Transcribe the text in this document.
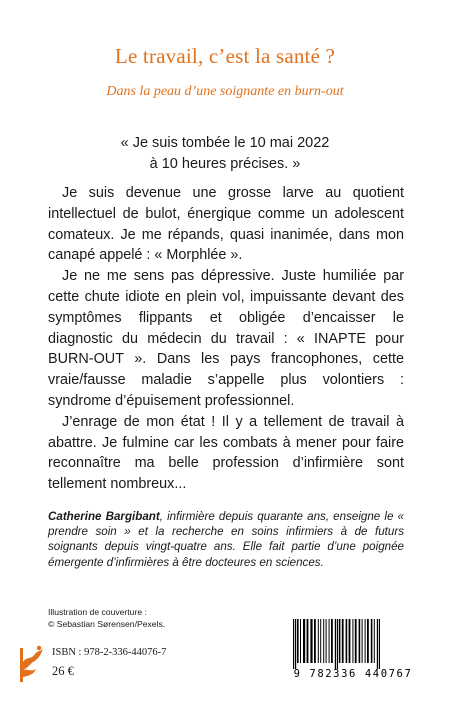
Le travail, c’est la santé ?
Dans la peau d’une soignante en burn-out
« Je suis tombée le 10 mai 2022
à 10 heures précises. »

Je suis devenue une grosse larve au quotient intellectuel de bulot, énergique comme un adolescent comateux. Je me répands, quasi inanimée, dans mon canapé appelé : « Morphlée ».

Je ne me sens pas dépressive. Juste humiliée par cette chute idiote en plein vol, impuissante devant des symptômes flippants et obligée d’encaisser le diagnostic du médecin du travail : « INAPTE pour BURN-OUT ». Dans les pays francophones, cette vraie/fausse maladie s’appelle plus volontiers : syndrome d’épuisement professionnel.

J’enrage de mon état ! Il y a tellement de travail à abattre. Je fulmine car les combats à mener pour faire reconnaître ma belle profession d’infirmière sont tellement nombreux...

Catherine Bargibant, infirmière depuis quarante ans, enseigne le « prendre soin » et la recherche en soins infirmiers à de futurs soignants depuis vingt-quatre ans. Elle fait partie d’une poignée émergente d’infirmières à être docteures en sciences.
Illustration de couverture :
© Sebastian Sørensen/Pexels.
ISBN : 978-2-336-44076-7
26 €	9 782336 440767
